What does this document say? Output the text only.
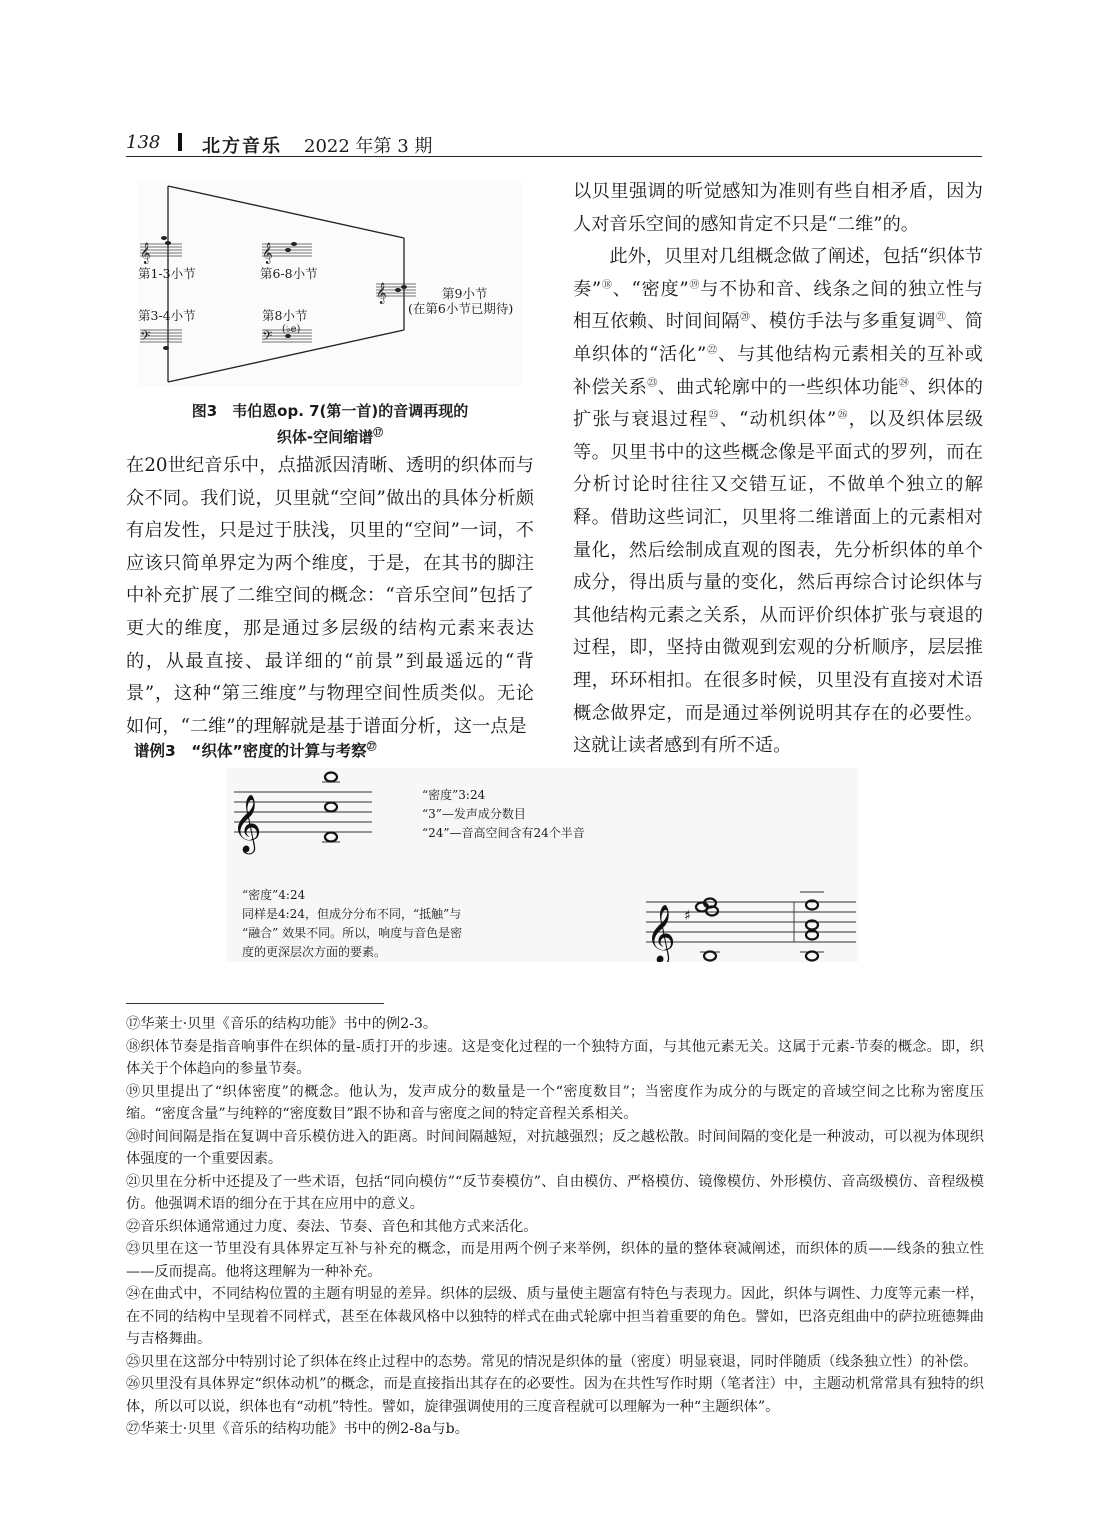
138 北方音乐 2022 年第 3 期
𝄞	𝄞
𝄞
𝄢	𝄢
第1-3小节	第6-8小节
第9小节
(在第6小节已期待)
第3-4小节	第8小节
(♭e)
图3　韦伯恩op. 7(第一首)的音调再现的
织体-空间缩谱⑰

在20世纪音乐中，点描派因清晰、透明的织体而与众不同。我们说，贝里就“空间”做出的具体分析颇有启发性，只是过于肤浅，贝里的“空间”一词，不应该只简单界定为两个维度，于是，在其书的脚注中补充扩展了二维空间的概念：“音乐空间”包括了更大的维度，那是通过多层级的结构元素来表达的，从最直接、最详细的“前景”到最遥远的“背景”，这种“第三维度”与物理空间性质类似。无论如何，“二维”的理解就是基于谱面分析，这一点是

以贝里强调的听觉感知为准则有些自相矛盾，因为人对音乐空间的感知肯定不只是“二维”的。

此外，贝里对几组概念做了阐述，包括“织体节奏”⑱、“密度”⑲与不协和音、线条之间的独立性与相互依赖、时间间隔⑳、模仿手法与多重复调$^㉑$、简单织体的“活化”$^㉒$、与其他结构元素相关的互补或补偿关系$^㉓$、曲式轮廓中的一些织体功能$^㉔$、织体的扩张与衰退过程$^㉕$、“动机织体”$^㉖$，以及织体层级等。贝里书中的这些概念像是平面式的罗列，而在分析讨论时往往又交错互证，不做单个独立的解释。借助这些词汇，贝里将二维谱面上的元素相对量化，然后绘制成直观的图表，先分析织体的单个成分，得出质与量的变化，然后再综合讨论织体与其他结构元素之关系，从而评价织体扩张与衰退的过程，即，坚持由微观到宏观的分析顺序，层层推理，环环相扣。在很多时候，贝里没有直接对术语概念做界定，而是通过举例说明其存在的必要性。这就让读者感到有所不适。

谱例3　“织体”密度的计算与考察$^㉗$
𝄞
𝄞 ♯
“密度”3:24
“3”—发声成分数目
“24”—音高空间含有24个半音
“密度”4:24
同样是4:24，但成分分布不同，“抵触”与
“融合” 效果不同。所以，响度与音色是密
度的更深层次方面的要素。

⑰华莱士·贝里《音乐的结构功能》书中的例2-3。

⑱织体节奏是指音响事件在织体的量-质打开的步速。这是变化过程的一个独特方面，与其他元素无关。这属于元素-节奏的概念。即，织体关于个体趋向的参量节奏。

⑲贝里提出了“织体密度”的概念。他认为，发声成分的数量是一个“密度数目”；当密度作为成分的与既定的音域空间之比称为密度压缩。“密度含量”与纯粹的“密度数目”跟不协和音与密度之间的特定音程关系相关。

⑳时间间隔是指在复调中音乐模仿进入的距离。时间间隔越短，对抗越强烈；反之越松散。时间间隔的变化是一种波动，可以视为体现织体强度的一个重要因素。

㉑贝里在分析中还提及了一些术语，包括“同向模仿”“反节奏模仿”、自由模仿、严格模仿、镜像模仿、外形模仿、音高级模仿、音程级模仿。他强调术语的细分在于其在应用中的意义。

㉒音乐织体通常通过力度、奏法、节奏、音色和其他方式来活化。

㉓贝里在这一节里没有具体界定互补与补充的概念，而是用两个例子来举例，织体的量的整体衰减阐述，而织体的质——线条的独立性——反而提高。他将这理解为一种补充。

㉔在曲式中，不同结构位置的主题有明显的差异。织体的层级、质与量使主题富有特色与表现力。因此，织体与调性、力度等元素一样，在不同的结构中呈现着不同样式，甚至在体裁风格中以独特的样式在曲式轮廓中担当着重要的角色。譬如，巴洛克组曲中的萨拉班德舞曲与吉格舞曲。

㉕贝里在这部分中特别讨论了织体在终止过程中的态势。常见的情况是织体的量（密度）明显衰退，同时伴随质（线条独立性）的补偿。

㉖贝里没有具体界定“织体动机”的概念，而是直接指出其存在的必要性。因为在共性写作时期（笔者注）中，主题动机常常具有独特的织体，所以可以说，织体也有“动机”特性。譬如，旋律强调使用的三度音程就可以理解为一种“主题织体”。

㉗华莱士·贝里《音乐的结构功能》书中的例2-8a与b。
